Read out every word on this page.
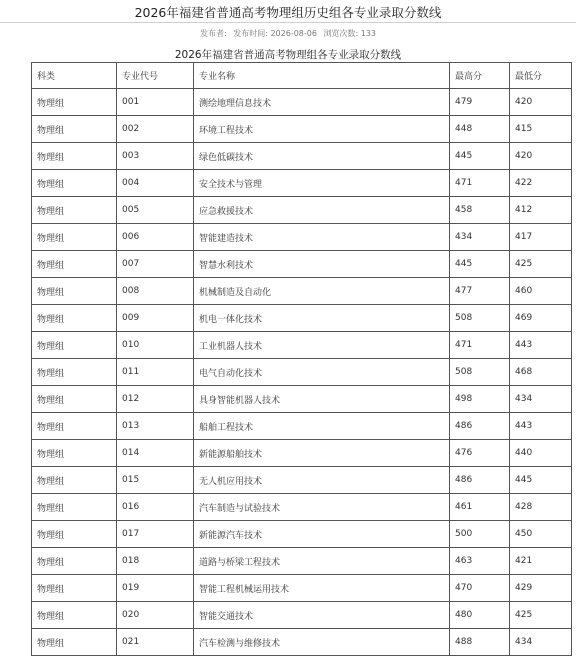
2026年福建省普通高考物理组历史组各专业录取分数线
发布者: 发布时间: 2026-08-06 浏览次数: 133
2026年福建省普通高考物理组各专业录取分数线
科类	专业代号	专业名称	最高分	最低分
物理组	001	测绘地理信息技术	479	420
物理组	002	环境工程技术	448	415
物理组	003	绿色低碳技术	445	420
物理组	004	安全技术与管理	471	422
物理组	005	应急救援技术	458	412
物理组	006	智能建造技术	434	417
物理组	007	智慧水利技术	445	425
物理组	008	机械制造及自动化	477	460
物理组	009	机电一体化技术	508	469
物理组	010	工业机器人技术	471	443
物理组	011	电气自动化技术	508	468
物理组	012	具身智能机器人技术	498	434
物理组	013	船舶工程技术	486	443
物理组	014	新能源船舶技术	476	440
物理组	015	无人机应用技术	486	445
物理组	016	汽车制造与试验技术	461	428
物理组	017	新能源汽车技术	500	450
物理组	018	道路与桥梁工程技术	463	421
物理组	019	智能工程机械运用技术	470	429
物理组	020	智能交通技术	480	425
物理组	021	汽车检测与维修技术	488	434
